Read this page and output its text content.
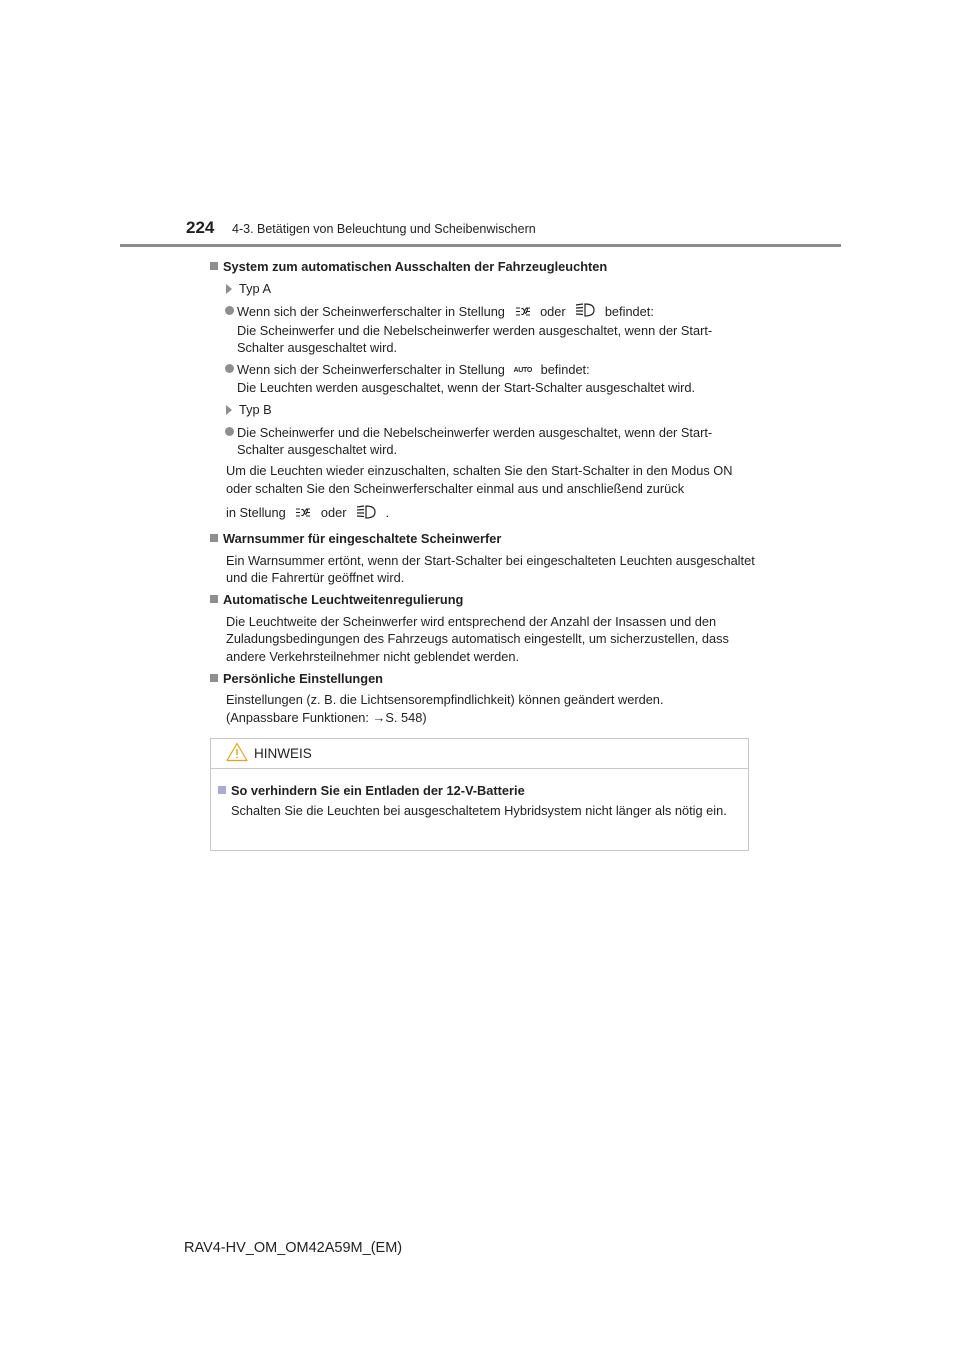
224 4-3. Betätigen von Beleuchtung und Scheibenwischern
System zum automatischen Ausschalten der Fahrzeugleuchten
Typ A
Wenn sich der Scheinwerferschalter in Stellung	oder	befindet:
Die Scheinwerfer und die Nebelscheinwerfer werden ausgeschaltet, wenn der Start-Schalter ausgeschaltet wird.
Wenn sich der Scheinwerferschalter in Stellung AUTO befindet:
Die Leuchten werden ausgeschaltet, wenn der Start-Schalter ausgeschaltet wird.
Typ B
Die Scheinwerfer und die Nebelscheinwerfer werden ausgeschaltet, wenn der Start-Schalter ausgeschaltet wird.
Um die Leuchten wieder einzuschalten, schalten Sie den Start-Schalter in den Modus ON oder schalten Sie den Scheinwerferschalter einmal aus und anschließend zurück
in Stellung	oder	.
Warnsummer für eingeschaltete Scheinwerfer
Ein Warnsummer ertönt, wenn der Start-Schalter bei eingeschalteten Leuchten ausgeschaltet und die Fahrertür geöffnet wird.
Automatische Leuchtweitenregulierung
Die Leuchtweite der Scheinwerfer wird entsprechend der Anzahl der Insassen und den Zuladungsbedingungen des Fahrzeugs automatisch eingestellt, um sicherzustellen, dass andere Verkehrsteilnehmer nicht geblendet werden.
Persönliche Einstellungen
Einstellungen (z. B. die Lichtsensorempfindlichkeit) können geändert werden.
(Anpassbare Funktionen: →S. 548)
HINWEIS
So verhindern Sie ein Entladen der 12-V-Batterie
Schalten Sie die Leuchten bei ausgeschaltetem Hybridsystem nicht länger als nötig ein.
RAV4-HV_OM_OM42A59M_(EM)
